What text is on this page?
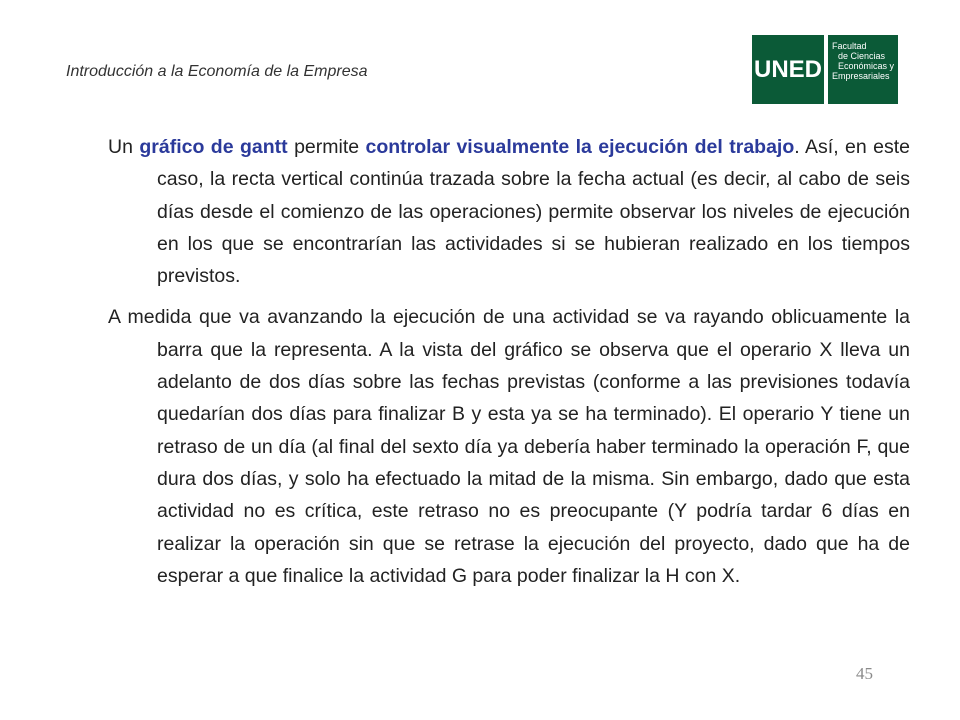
Introducción a la Economía de la Empresa	UNED
Facultad
de Ciencias
Económicas y
Empresariales

Un gráfico de gantt permite controlar visualmente la ejecución del trabajo. Así, en este caso, la recta vertical continúa trazada sobre la fecha actual (es decir, al cabo de seis días desde el comienzo de las operaciones) permite observar los niveles de ejecución en los que se encontrarían las actividades si se hubieran realizado en los tiempos previstos.

A medida que va avanzando la ejecución de una actividad se va rayando oblicuamente la barra que la representa. A la vista del gráfico se observa que el operario X lleva un adelanto de dos días sobre las fechas previstas (conforme a las previsiones todavía quedarían dos días para finalizar B y esta ya se ha terminado). El operario Y tiene un retraso de un día (al final del sexto día ya debería haber terminado la operación F, que dura dos días, y solo ha efectuado la mitad de la misma. Sin embargo, dado que esta actividad no es crítica, este retraso no es preocupante (Y podría tardar 6 días en realizar la operación sin que se retrase la ejecución del proyecto, dado que ha de esperar a que finalice la actividad G para poder finalizar la H con X.

45
